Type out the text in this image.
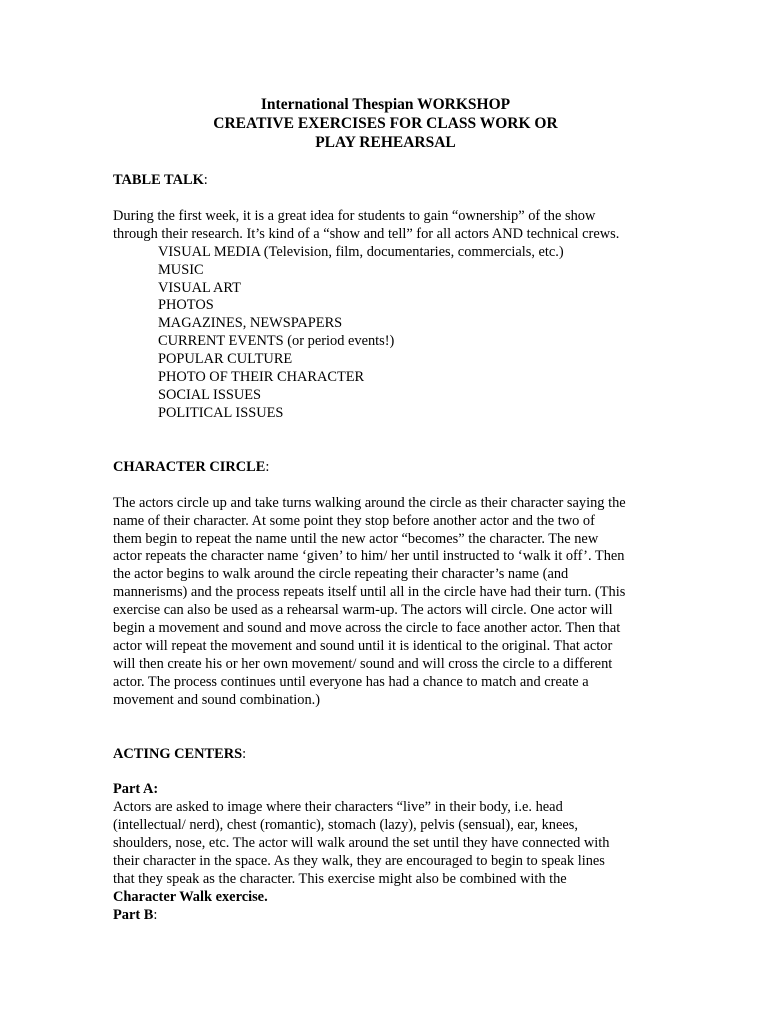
International Thespian WORKSHOP
CREATIVE EXERCISES FOR CLASS WORK OR
PLAY REHEARSAL

TABLE TALK:

During the first week, it is a great idea for students to gain “ownership” of the show
through their research. It’s kind of a “show and tell” for all actors AND technical crews.

VISUAL MEDIA (Television, film, documentaries, commercials, etc.)
MUSIC
VISUAL ART
PHOTOS
MAGAZINES, NEWSPAPERS
CURRENT EVENTS (or period events!)
POPULAR CULTURE
PHOTO OF THEIR CHARACTER
SOCIAL ISSUES
POLITICAL ISSUES

CHARACTER CIRCLE:

The actors circle up and take turns walking around the circle as their character saying the
name of their character. At some point they stop before another actor and the two of
them begin to repeat the name until the new actor “becomes” the character. The new
actor repeats the character name ‘given’ to him/ her until instructed to ‘walk it off’. Then
the actor begins to walk around the circle repeating their character’s name (and
mannerisms) and the process repeats itself until all in the circle have had their turn. (This
exercise can also be used as a rehearsal warm-up. The actors will circle. One actor will
begin a movement and sound and move across the circle to face another actor. Then that
actor will repeat the movement and sound until it is identical to the original. That actor
will then create his or her own movement/ sound and will cross the circle to a different
actor. The process continues until everyone has had a chance to match and create a
movement and sound combination.)

ACTING CENTERS:

Part A:

Actors are asked to image where their characters “live” in their body, i.e. head
(intellectual/ nerd), chest (romantic), stomach (lazy), pelvis (sensual), ear, knees,
shoulders, nose, etc. The actor will walk around the set until they have connected with
their character in the space. As they walk, they are encouraged to begin to speak lines
that they speak as the character. This exercise might also be combined with the
Character Walk exercise.

Part B:
